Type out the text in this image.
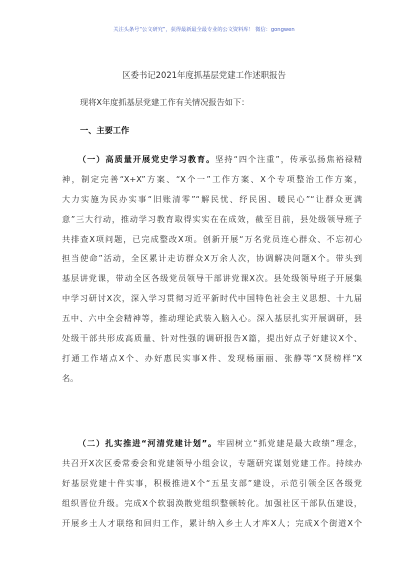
关注头条号“公文研究”，获得最新最全最专业的公文资料库！ 微信：gongwen
区委书记2021年度抓基层党建工作述职报告
现将X年度抓基层党建工作有关情况报告如下：
一、主要工作
（一）高质量开展党史学习教育。坚持“四个注重”，传承弘扬焦裕禄精
神，制定完善“X+X”方案、“X个一”工作方案、X个专项整治工作方案，
大力实施为民办实事“旧账清零”“解民忧、纾民困、暖民心”“让群众更满
意”三大行动，推动学习教育取得实实在在成效，截至目前，县处级领导班子
共排查X项问题，已完成整改X项。创新开展“万名党员连心群众、不忘初心
担当使命”活动，全区累计走访群众X万余人次，协调解决问题X个。带头到
基层讲党课，带动全区各级党员领导干部讲党课X次。县处级领导班子开展集
中学习研讨X次，深入学习贯彻习近平新时代中国特色社会主义思想、十九届
五中、六中全会精神等，推动理论武装入脑入心。深入基层扎实开展调研，县
处级干部共形成高质量、针对性强的调研报告X篇，提出好点子好建议X个、
打通工作堵点X个、办好惠民实事X件、发现杨丽丽、张静等“X贤榜样”X
名。
（二）扎实推进“河清党建计划”。牢固树立“抓党建是最大政绩”理念，
共召开X次区委常委会和党建领导小组会议，专题研究谋划党建工作。持续办
好基层党建十件实事，积极推进X个“五星支部”建设，示范引领全区各级党
组织晋位升级。完成X个软弱涣散党组织整顿转化。加强社区干部队伍建设，
开展乡土人才联络和回归工作，累计纳入乡土人才库X人；完成X个街道X个
